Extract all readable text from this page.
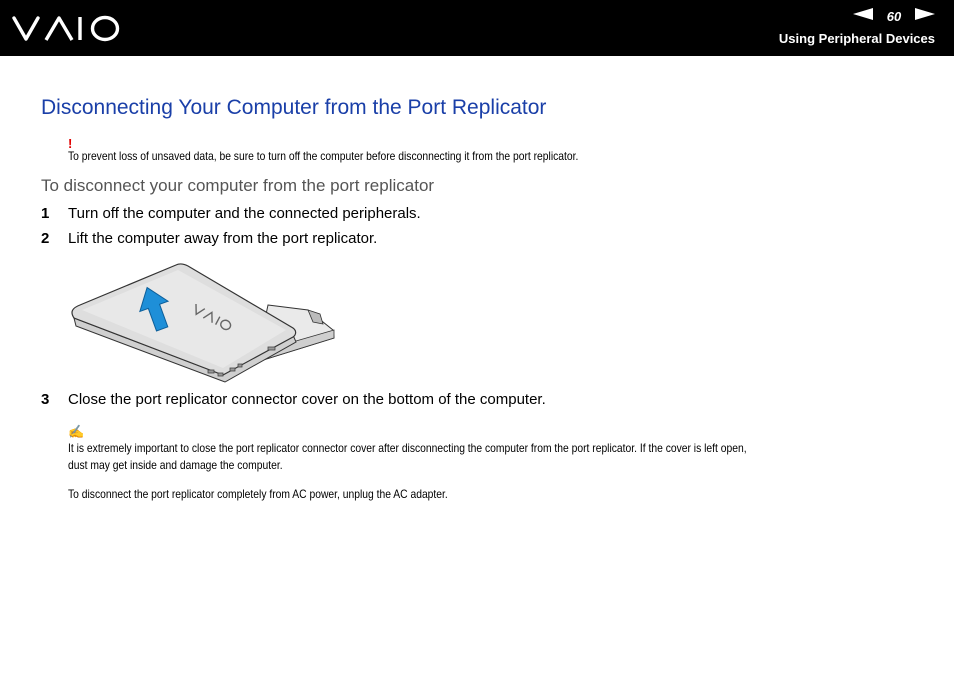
60
Using Peripheral Devices
Disconnecting Your Computer from the Port Replicator
!
To prevent loss of unsaved data, be sure to turn off the computer before disconnecting it from the port replicator.
To disconnect your computer from the port replicator
1 Turn off the computer and the connected peripherals.
2 Lift the computer away from the port replicator.
3 Close the port replicator connector cover on the bottom of the computer.
✍
It is extremely important to close the port replicator connector cover after disconnecting the computer from the port replicator. If the cover is left open,
dust may get inside and damage the computer.
To disconnect the port replicator completely from AC power, unplug the AC adapter.
